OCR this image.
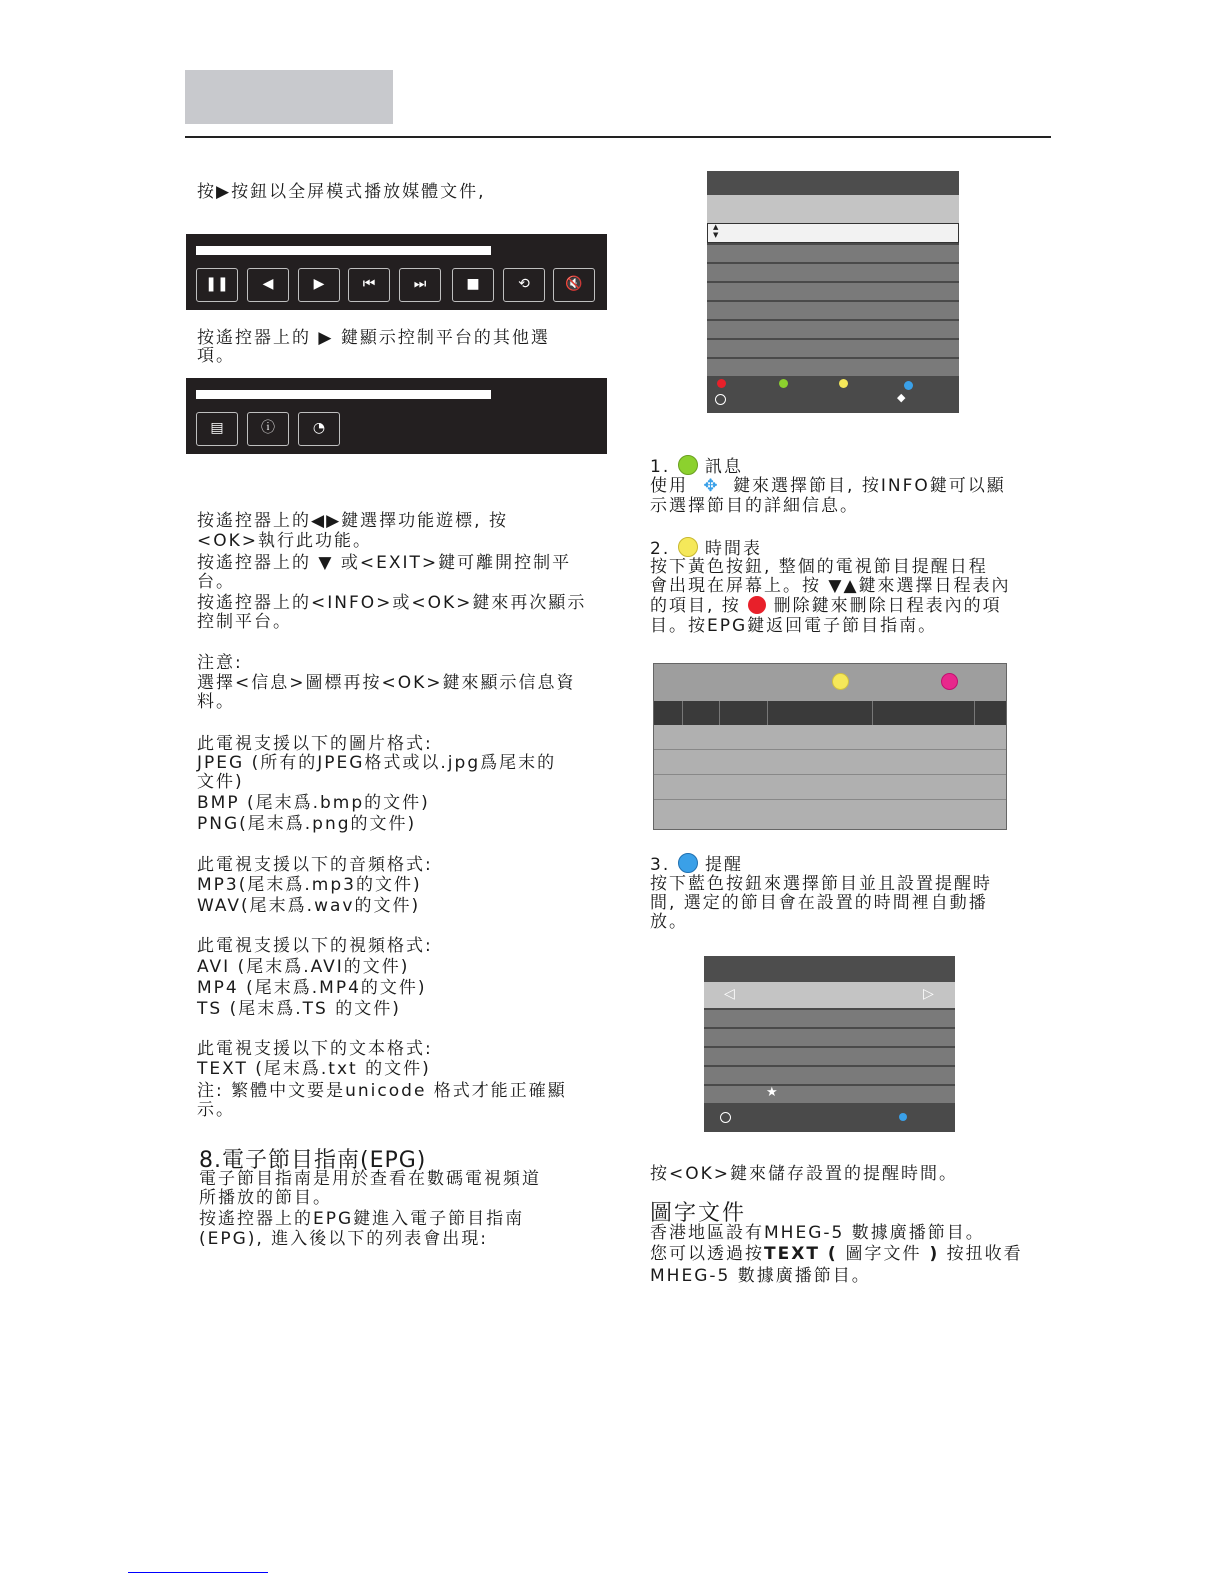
按▶按鈕以全屏模式播放媒體文件,
❚❚	◀	▶	⏮	⏭	■	⟲	🔇
按遙控器上的 ▶ 鍵顯示控制平台的其他選
項。
▤	ⓘ	◔
按遙控器上的◀▶鍵選擇功能遊標, 按
<OK>執行此功能。
按遙控器上的 ▼ 或<EXIT>鍵可離開控制平
台。
按遙控器上的<INFO>或<OK>鍵來再次顯示
控制平台。
注意:
選擇<信息>圖標再按<OK>鍵來顯示信息資
料。
此電視支援以下的圖片格式:
JPEG (所有的JPEG格式或以.jpg爲尾末的
文件)
BMP (尾末爲.bmp的文件)
PNG(尾末爲.png的文件)
此電視支援以下的音頻格式:
MP3(尾末爲.mp3的文件)
WAV(尾末爲.wav的文件)
此電視支援以下的視頻格式:
AVI (尾末爲.AVI的文件)
MP4 (尾末爲.MP4的文件)
TS (尾末爲.TS 的文件)
此電視支援以下的文本格式:
TEXT (尾末爲.txt 的文件)
注: 繁體中文要是unicode 格式才能正確顯
示。
8.電子節目指南(EPG)
電子節目指南是用於查看在數碼電視頻道
所播放的節目。
按遙控器上的EPG鍵進入電子節目指南
(EPG), 進入後以下的列表會出現:
▲
▼
◆
1. 訊息
使用 ✥ 鍵來選擇節目, 按INFO鍵可以顯
示選擇節目的詳細信息。
2. 時間表
按下黃色按鈕, 整個的電視節目提醒日程
會出現在屏幕上。按 ▼▲鍵來選擇日程表內
的項目, 按 刪除鍵來刪除日程表內的項
目。按EPG鍵返回電子節目指南。
3. 提醒
按下藍色按鈕來選擇節目並且設置提醒時
間, 選定的節目會在設置的時間裡自動播
放。
◁	▷
★
按<OK>鍵來儲存設置的提醒時間。
圖字文件
香港地區設有MHEG-5 數據廣播節目。
您可以透過按TEXT ( 圖字文件 ) 按扭收看
MHEG-5 數據廣播節目。
